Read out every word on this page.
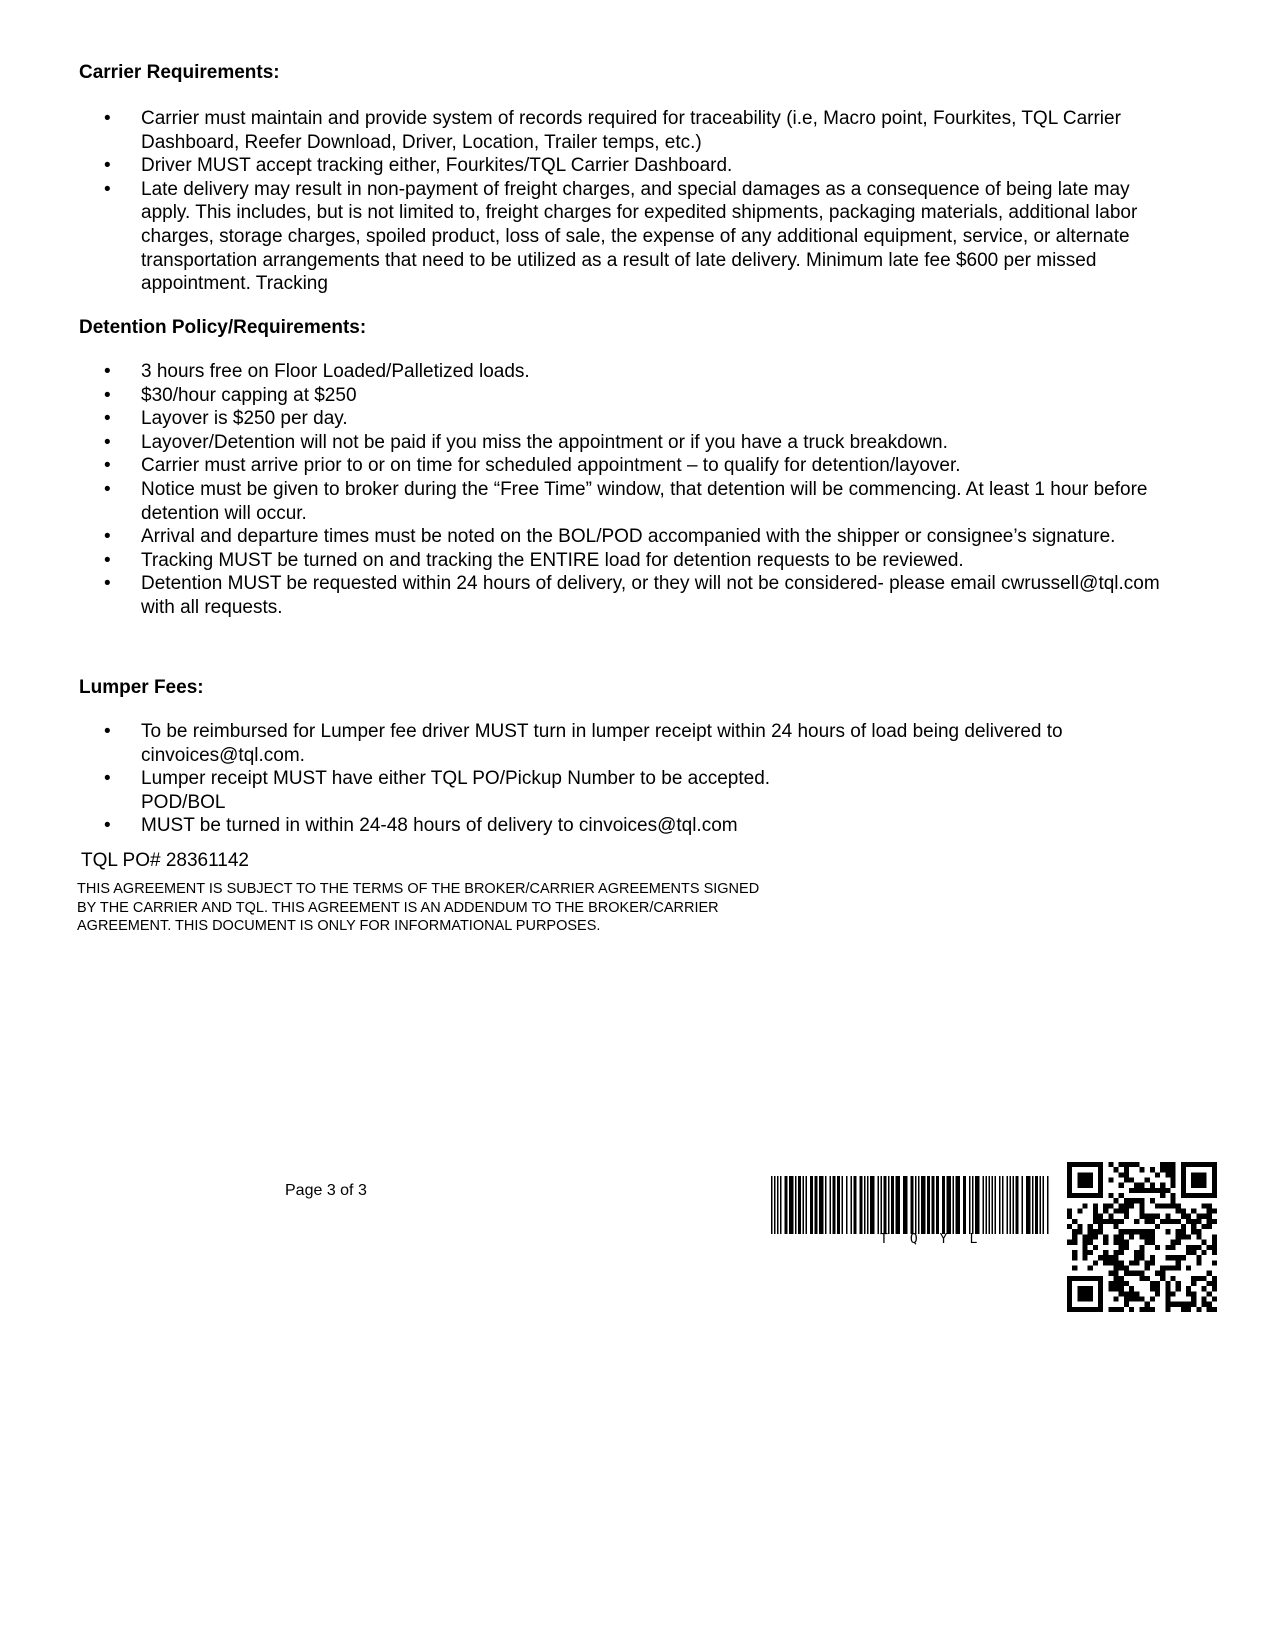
Carrier Requirements:
• Carrier must maintain and provide system of records required for traceability (i.e, Macro point, Fourkites, TQL Carrier Dashboard, Reefer Download, Driver, Location, Trailer temps, etc.)
• Driver MUST accept tracking either, Fourkites/TQL Carrier Dashboard.
• Late delivery may result in non-payment of freight charges, and special damages as a consequence of being late may apply. This includes, but is not limited to, freight charges for expedited shipments, packaging materials, additional labor charges, storage charges, spoiled product, loss of sale, the expense of any additional equipment, service, or alternate transportation arrangements that need to be utilized as a result of late delivery. Minimum late fee $600 per missed appointment. Tracking
Detention Policy/Requirements:
• 3 hours free on Floor Loaded/Palletized loads.
• $30/hour capping at $250
• Layover is $250 per day.
• Layover/Detention will not be paid if you miss the appointment or if you have a truck breakdown.
• Carrier must arrive prior to or on time for scheduled appointment – to qualify for detention/layover.
• Notice must be given to broker during the “Free Time” window, that detention will be commencing. At least 1 hour before detention will occur.
• Arrival and departure times must be noted on the BOL/POD accompanied with the shipper or consignee’s signature.
• Tracking MUST be turned on and tracking the ENTIRE load for detention requests to be reviewed.
• Detention MUST be requested within 24 hours of delivery, or they will not be considered- please email cwrussell@tql.com with all requests.
Lumper Fees:
• To be reimbursed for Lumper fee driver MUST turn in lumper receipt within 24 hours of load being delivered to cinvoices@tql.com.
• Lumper receipt MUST have either TQL PO/Pickup Number to be accepted.
POD/BOL
• MUST be turned in within 24-48 hours of delivery to cinvoices@tql.com
TQL PO# 28361142
THIS AGREEMENT IS SUBJECT TO THE TERMS OF THE BROKER/CARRIER AGREEMENTS SIGNED BY THE CARRIER AND TQL. THIS AGREEMENT IS AN ADDENDUM TO THE BROKER/CARRIER AGREEMENT. THIS DOCUMENT IS ONLY FOR INFORMATIONAL PURPOSES.
Page 3 of 3
TQYL
